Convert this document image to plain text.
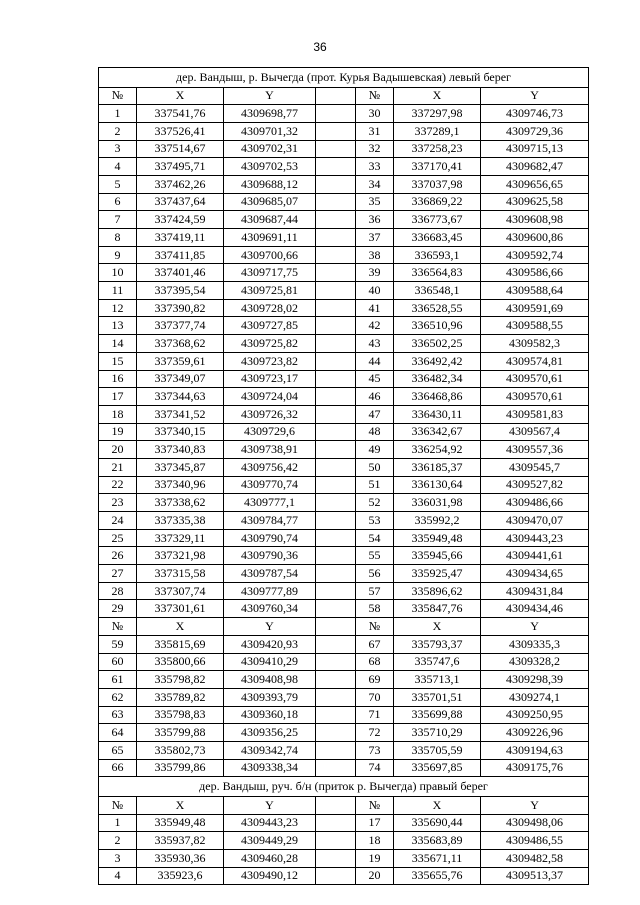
36
дер. Вандыш, р. Вычегда (прот. Курья Вадышевская) левый берег						
№	X	Y		№	X	Y
1	337541,76	4309698,77		30	337297,98	4309746,73
2	337526,41	4309701,32		31	337289,1	4309729,36
3	337514,67	4309702,31		32	337258,23	4309715,13
4	337495,71	4309702,53		33	337170,41	4309682,47
5	337462,26	4309688,12		34	337037,98	4309656,65
6	337437,64	4309685,07		35	336869,22	4309625,58
7	337424,59	4309687,44		36	336773,67	4309608,98
8	337419,11	4309691,11		37	336683,45	4309600,86
9	337411,85	4309700,66		38	336593,1	4309592,74
10	337401,46	4309717,75		39	336564,83	4309586,66
11	337395,54	4309725,81		40	336548,1	4309588,64
12	337390,82	4309728,02		41	336528,55	4309591,69
13	337377,74	4309727,85		42	336510,96	4309588,55
14	337368,62	4309725,82		43	336502,25	4309582,3
15	337359,61	4309723,82		44	336492,42	4309574,81
16	337349,07	4309723,17		45	336482,34	4309570,61
17	337344,63	4309724,04		46	336468,86	4309570,61
18	337341,52	4309726,32		47	336430,11	4309581,83
19	337340,15	4309729,6		48	336342,67	4309567,4
20	337340,83	4309738,91		49	336254,92	4309557,36
21	337345,87	4309756,42		50	336185,37	4309545,7
22	337340,96	4309770,74		51	336130,64	4309527,82
23	337338,62	4309777,1		52	336031,98	4309486,66
24	337335,38	4309784,77		53	335992,2	4309470,07
25	337329,11	4309790,74		54	335949,48	4309443,23
26	337321,98	4309790,36		55	335945,66	4309441,61
27	337315,58	4309787,54		56	335925,47	4309434,65
28	337307,74	4309777,89		57	335896,62	4309431,84
29	337301,61	4309760,34		58	335847,76	4309434,46
№	X	Y		№	X	Y
59	335815,69	4309420,93		67	335793,37	4309335,3
60	335800,66	4309410,29		68	335747,6	4309328,2
61	335798,82	4309408,98		69	335713,1	4309298,39
62	335789,82	4309393,79		70	335701,51	4309274,1
63	335798,83	4309360,18		71	335699,88	4309250,95
64	335799,88	4309356,25		72	335710,29	4309226,96
65	335802,73	4309342,74		73	335705,59	4309194,63
66	335799,86	4309338,34		74	335697,85	4309175,76
дер. Вандыш, руч. б/н (приток р. Вычегда) правый берег						
№	X	Y		№	X	Y
1	335949,48	4309443,23		17	335690,44	4309498,06
2	335937,82	4309449,29		18	335683,89	4309486,55
3	335930,36	4309460,28		19	335671,11	4309482,58
4	335923,6	4309490,12		20	335655,76	4309513,37
